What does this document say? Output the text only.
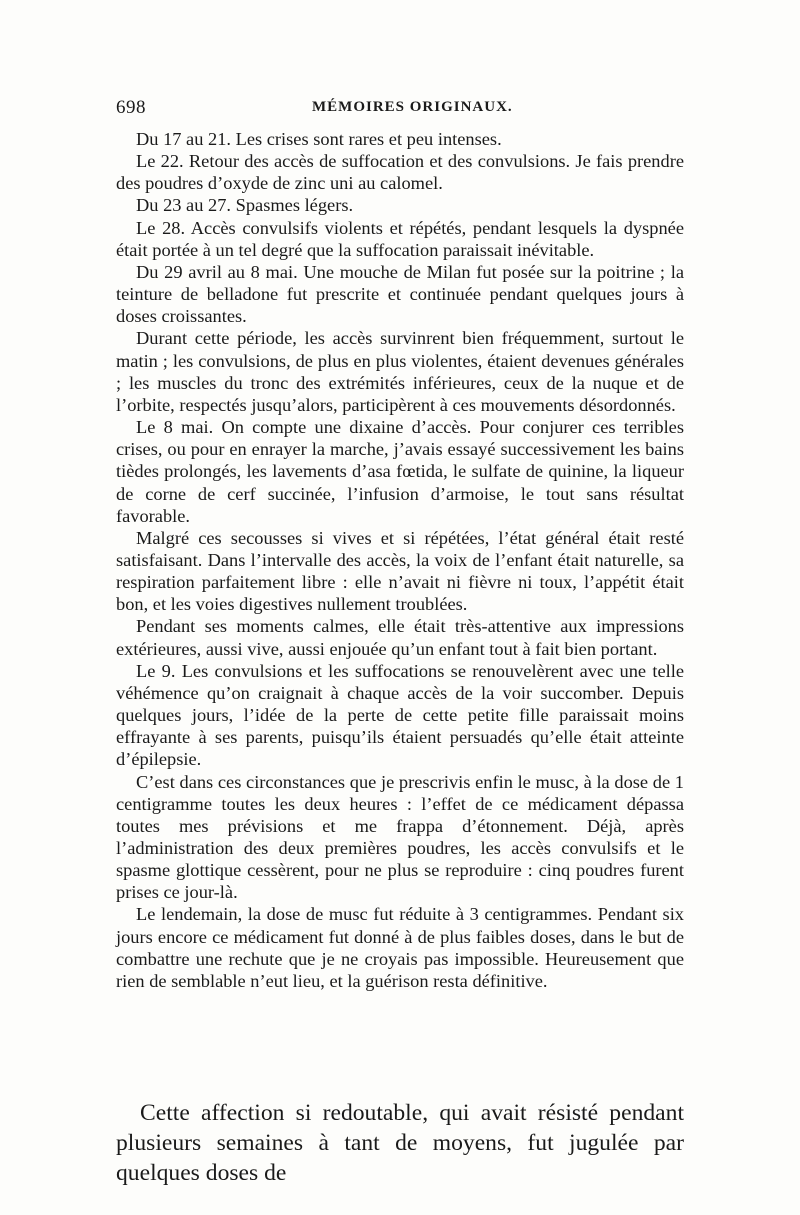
698	MÉMOIRES ORIGINAUX.

Du 17 au 21. Les crises sont rares et peu intenses.

Le 22. Retour des accès de suffocation et des convulsions. Je fais prendre des poudres d’oxyde de zinc uni au calomel.

Du 23 au 27. Spasmes légers.

Le 28. Accès convulsifs violents et répétés, pendant lesquels la dyspnée était portée à un tel degré que la suffocation paraissait inévitable.

Du 29 avril au 8 mai. Une mouche de Milan fut posée sur la poitrine ; la teinture de belladone fut prescrite et continuée pendant quelques jours à doses croissantes.

Durant cette période, les accès survinrent bien fréquemment, surtout le matin ; les convulsions, de plus en plus violentes, étaient devenues générales ; les muscles du tronc des extrémités inférieures, ceux de la nuque et de l’orbite, respectés jusqu’alors, participèrent à ces mouvements désordonnés.

Le 8 mai. On compte une dixaine d’accès. Pour conjurer ces terribles crises, ou pour en enrayer la marche, j’avais essayé successivement les bains tièdes prolongés, les lavements d’asa fœtida, le sulfate de quinine, la liqueur de corne de cerf succinée, l’infusion d’armoise, le tout sans résultat favorable.

Malgré ces secousses si vives et si répétées, l’état général était resté satisfaisant. Dans l’intervalle des accès, la voix de l’enfant était naturelle, sa respiration parfaitement libre : elle n’avait ni fièvre ni toux, l’appétit était bon, et les voies digestives nullement troublées.

Pendant ses moments calmes, elle était très-attentive aux impressions extérieures, aussi vive, aussi enjouée qu’un enfant tout à fait bien portant.

Le 9. Les convulsions et les suffocations se renouvelèrent avec une telle véhémence qu’on craignait à chaque accès de la voir succomber. Depuis quelques jours, l’idée de la perte de cette petite fille paraissait moins effrayante à ses parents, puisqu’ils étaient persuadés qu’elle était atteinte d’épilepsie.

C’est dans ces circonstances que je prescrivis enfin le musc, à la dose de 1 centigramme toutes les deux heures : l’effet de ce médicament dépassa toutes mes prévisions et me frappa d’étonnement. Déjà, après l’administration des deux premières poudres, les accès convulsifs et le spasme glottique cessèrent, pour ne plus se reproduire : cinq poudres furent prises ce jour-là.

Le lendemain, la dose de musc fut réduite à 3 centigrammes. Pendant six jours encore ce médicament fut donné à de plus faibles doses, dans le but de combattre une rechute que je ne croyais pas impossible. Heureusement que rien de semblable n’eut lieu, et la guérison resta définitive.

Cette affection si redoutable, qui avait résisté pendant plusieurs semaines à tant de moyens, fut jugulée par quelques doses de
